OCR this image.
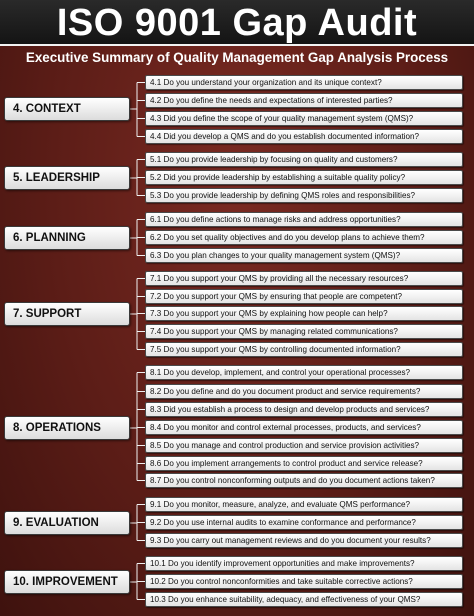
ISO 9001 Gap Audit
Executive Summary of Quality Management Gap Analysis Process
4. CONTEXT
4.1 Do you understand your organization and its unique context?
4.2 Do you define the needs and expectations of interested parties?
4.3 Did you define the scope of your quality management system (QMS)?
4.4 Did you develop a QMS and do you establish documented information?
5. LEADERSHIP
5.1 Do you provide leadership by focusing on quality and customers?
5.2 Did you provide leadership by establishing a suitable quality policy?
5.3 Do you provide leadership by defining QMS roles and responsibilities?
6. PLANNING
6.1 Do you define actions to manage risks and address opportunities?
6.2 Do you set quality objectives and do you develop plans to achieve them?
6.3 Do you plan changes to your quality management system (QMS)?
7. SUPPORT
7.1 Do you support your QMS by providing all the necessary resources?
7.2 Do you support your QMS by ensuring that people are competent?
7.3 Do you support your QMS by explaining how people can help?
7.4 Do you support your QMS by managing related communications?
7.5 Do you support your QMS by controlling documented information?
8. OPERATIONS
8.1 Do you develop, implement, and control your operational processes?
8.2 Do you define and do you document product and service requirements?
8.3 Did you establish a process to design and develop products and services?
8.4 Do you monitor and control external processes, products, and services?
8.5 Do you manage and control production and service provision activities?
8.6 Do you implement arrangements to control product and service release?
8.7 Do you control nonconforming outputs and do you document actions taken?
9. EVALUATION
9.1 Do you monitor, measure, analyze, and evaluate QMS performance?
9.2 Do you use internal audits to examine conformance and performance?
9.3 Do you carry out management reviews and do you document your results?
10. IMPROVEMENT
10.1 Do you identify improvement opportunities and make improvements?
10.2 Do you control nonconformities and take suitable corrective actions?
10.3 Do you enhance suitability, adequacy, and effectiveness of your QMS?
